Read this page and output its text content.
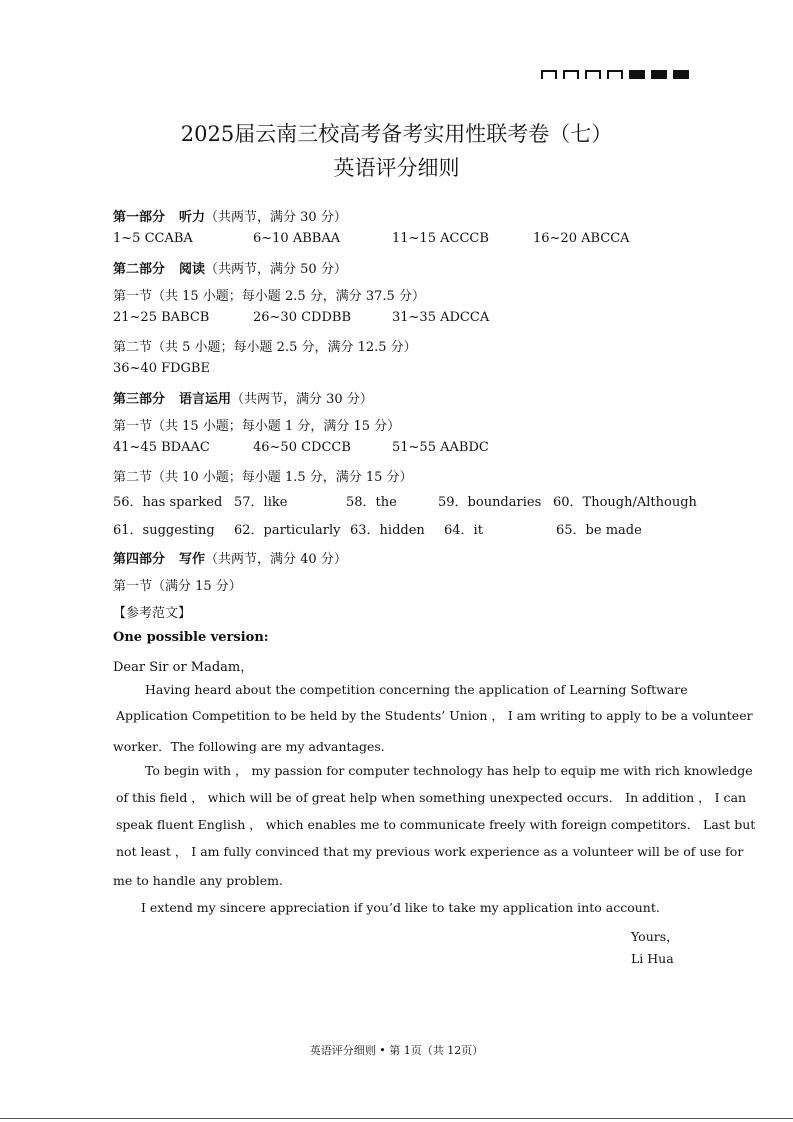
2025届云南三校高考备考实用性联考卷（七）
英语评分细则
第一部分 听力（共两节，满分 30 分）
1~5 CCABA	6~10 ABBAA	11~15 ACCCB	16~20 ABCCA
第二部分 阅读（共两节，满分 50 分）
第一节（共 15 小题；每小题 2.5 分，满分 37.5 分）
21~25 BABCB	26~30 CDDBB	31~35 ADCCA
第二节（共 5 小题；每小题 2.5 分，满分 12.5 分）
36~40 FDGBE
第三部分 语言运用（共两节，满分 30 分）
第一节（共 15 小题；每小题 1 分，满分 15 分）
41~45 BDAAC	46~50 CDCCB	51~55 AABDC
第二节（共 10 小题；每小题 1.5 分，满分 15 分）
56．has sparked 57．like	58．the	59．boundaries 60．Though/Although
61．suggesting 62．particularly 63．hidden 64．it	65．be made
第四部分 写作（共两节，满分 40 分）
第一节（满分 15 分）
【参考范文】
One possible version:
Dear Sir or Madam，
Having heard about the competition concerning the application of Learning Software
Application Competition to be held by the Students’ Union ， I am writing to apply to be a volunteer
worker．The following are my advantages.
To begin with ， my passion for computer technology has help to equip me with rich knowledge
of this field ， which will be of great help when something unexpected occurs． In addition ， I can
speak fluent English ， which enables me to communicate freely with foreign competitors． Last but
not least ， I am fully convinced that my previous work experience as a volunteer will be of use for
me to handle any problem.
I extend my sincere appreciation if you’d like to take my application into account.
Yours，
Li Hua
英语评分细则 • 第 1页（共 12页）
